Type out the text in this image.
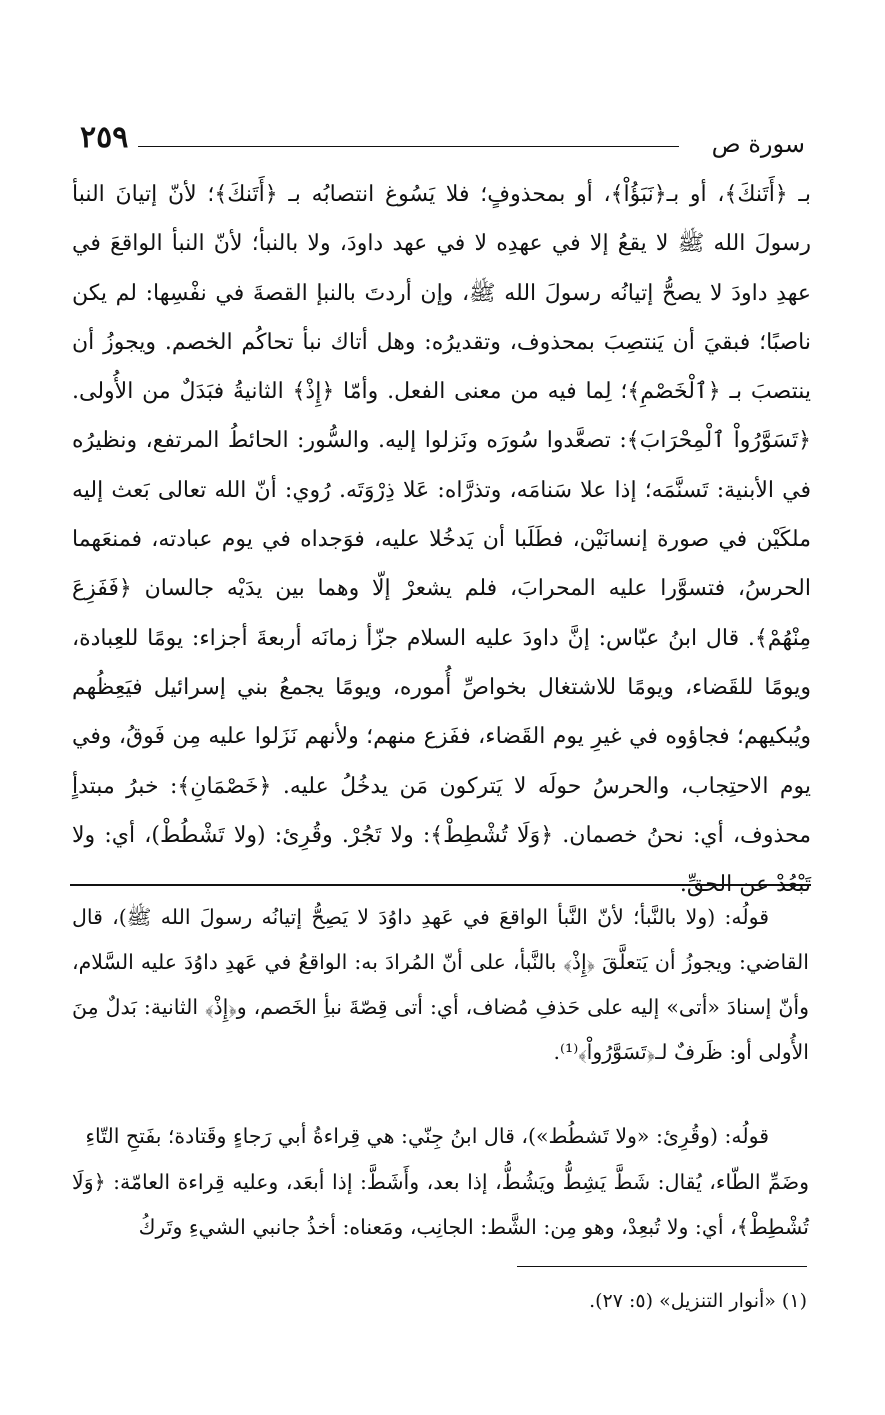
٢٥٩	سورة ص

بـ ﴿أَتَنكَ﴾، أو بـ﴿نَبَؤُاْ﴾، أو بمحذوفٍ؛ فلا يَسُوغ انتصابُه بـ ﴿أَتَنكَ﴾؛ لأنّ إتيانَ النبأ رسولَ الله ﷺ لا يقعُ إلا في عهدِه لا في عهد داودَ، ولا بالنبأ؛ لأنّ النبأ الواقعَ في عهدِ داودَ لا يصحُّ إتيانُه رسولَ الله ﷺ، وإن أردتَ بالنبإ القصةَ في نفْسِها: لم يكن ناصبًا؛ فبقيَ أن يَنتصِبَ بمحذوف، وتقديرُه: وهل أتاك نبأ تحاكُم الخصم. ويجوزُ أن ينتصبَ بـ ﴿ٱلْخَصْمِ﴾؛ لِما فيه من معنى الفعل. وأمّا ﴿إِذْ﴾ الثانيةُ فبَدَلٌ من الأُولى. ﴿تَسَوَّرُواْ ٱلْمِحْرَابَ﴾: تصعَّدوا سُورَه ونَزلوا إليه. والسُّور: الحائطُ المرتفع، ونظيرُه في الأبنية: تَسنَّمَه؛ إذا علا سَنامَه، وتذرَّاه: عَلا ذِرْوَتَه. رُوي: أنّ الله تعالى بَعث إليه ملكَيْن في صورة إنسانَيْن، فطَلَبا أن يَدخُلا عليه، فوَجداه في يوم عبادته، فمنعَهما الحرسُ، فتسوَّرا عليه المحرابَ، فلم يشعرْ إلّا وهما بين يدَيْه جالسان ﴿فَفَزِعَ مِنْهُمْ﴾. قال ابنُ عبّاس: إنَّ داودَ عليه السلام جزّأ زمانَه أربعةَ أجزاء: يومًا للعِبادة، ويومًا للقَضاء، ويومًا للاشتغال بخواصِّ أُموره، ويومًا يجمعُ بني إسرائيل فيَعِظُهم ويُبكيهم؛ فجاؤوه في غيرِ يوم القَضاء، ففَزع منهم؛ ولأنهم نَزَلوا عليه مِن فَوقُ، وفي يوم الاحتِجاب، والحرسُ حولَه لا يَتركون مَن يدخُلُ عليه. ﴿خَصْمَانِ﴾: خبرُ مبتدأٍ محذوف، أي: نحنُ خصمان. ﴿وَلَا تُشْطِطْ﴾: ولا تَجُرْ. وقُرِئ: (ولا تَشْطُطْ)، أي: ولا تَبْعُدْ عن الحقِّ.

قولُه: (ولا بالنَّبأ؛ لأنّ النَّبأ الواقعَ في عَهدِ داوُدَ لا يَصِحُّ إتيانُه رسولَ الله ﷺ)، قال القاضي: ويجوزُ أن يَتعلَّقَ ﴿إِذْ﴾ بالنَّبأ، على أنّ المُرادَ به: الواقعُ في عَهدِ داوُدَ عليه السَّلام، وأنّ إسنادَ «أتى» إليه على حَذفِ مُضاف، أي: أتى قِصّةَ نبأِ الخَصم، و﴿إِذْ﴾ الثانية: بَدلٌ مِنَ الأُولى أو: ظَرفٌ لـ﴿تَسَوَّرُواْ﴾⁽¹⁾.

قولُه: (وقُرِئ: «ولا تَشطُط»)، قال ابنُ جِنّي: هي قِراءةُ أبي رَجاءٍ وقَتادة؛ بفَتحِ التّاءِ

وضَمِّ الطّاء، يُقال: شَطَّ يَشِطُّ ويَشُطُّ، إذا بعد، وأَشَطَّ: إذا أبعَد، وعليه قِراءة العامّة: ﴿وَلَا تُشْطِطْ﴾، أي: ولا تُبعِدْ، وهو مِن: الشَّط: الجانِب، ومَعناه: أخذُ جانبي الشيءِ وتَركُ

(١) «أنوار التنزيل» (٥: ٢٧).
